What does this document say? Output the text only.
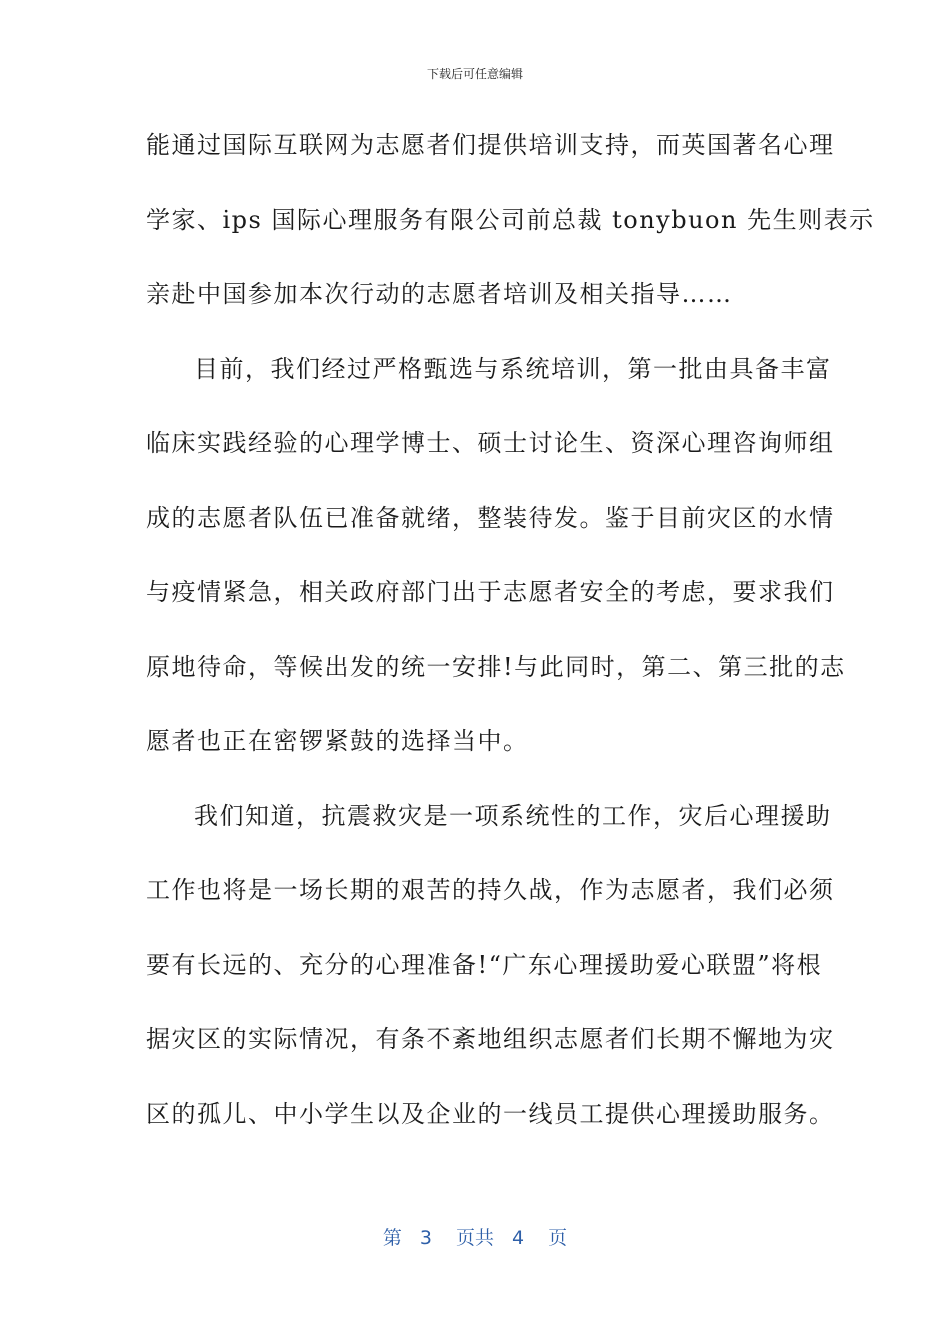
下载后可任意编辑
能通过国际互联网为志愿者们提供培训支持，而英国著名心理
学家、ips 国际心理服务有限公司前总裁 tonybuon 先生则表示
亲赴中国参加本次行动的志愿者培训及相关指导……
目前，我们经过严格甄选与系统培训，第一批由具备丰富
临床实践经验的心理学博士、硕士讨论生、资深心理咨询师组
成的志愿者队伍已准备就绪，整装待发。鉴于目前灾区的水情
与疫情紧急，相关政府部门出于志愿者安全的考虑，要求我们
原地待命，等候出发的统一安排!与此同时，第二、第三批的志
愿者也正在密锣紧鼓的选择当中。
我们知道，抗震救灾是一项系统性的工作，灾后心理援助
工作也将是一场长期的艰苦的持久战，作为志愿者，我们必须
要有长远的、充分的心理准备!“广东心理援助爱心联盟”将根
据灾区的实际情况，有条不紊地组织志愿者们长期不懈地为灾
区的孤儿、中小学生以及企业的一线员工提供心理援助服务。
第 3 页共 4 页
